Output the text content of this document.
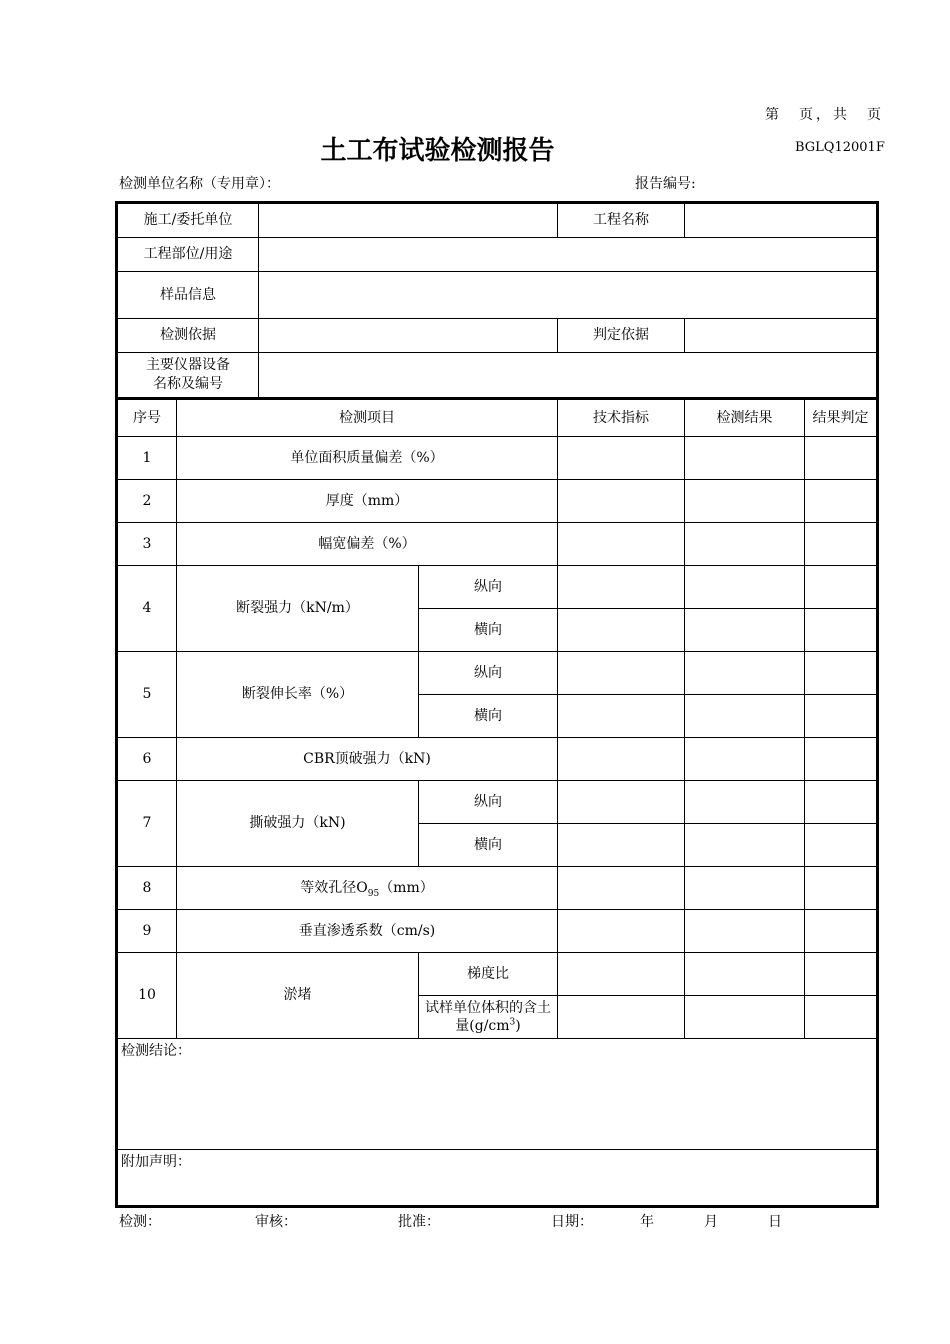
第　页，共　页
土工布试验检测报告	BGLQ12001F
检测单位名称（专用章）：	报告编号:
施工/委托单位				工程名称		
工程部位/用途						
样品信息						
检测依据				判定依据		
主要仪器设备
名称及编号						
序号	检测项目			技术指标	检测结果	结果判定
1	单位面积质量偏差（%）					
2	厚度（mm）					
3	幅宽偏差（%）					
4	断裂强力（kN/m）		纵向			
			横向			
5	断裂伸长率（%）		纵向			
			横向			
6	CBR顶破强力（kN)					
7	撕破强力（kN)		纵向			
			横向			
8	等效孔径$O_{95}(mm)$					
9	垂直渗透系数（cm/s)					
10	淤堵		梯度比			
			试样单位体积的含土量$(g/cm^3)$			
检测结论：						
附加声明：						
检测：	审核：	批准：	日期：	年	月	日
